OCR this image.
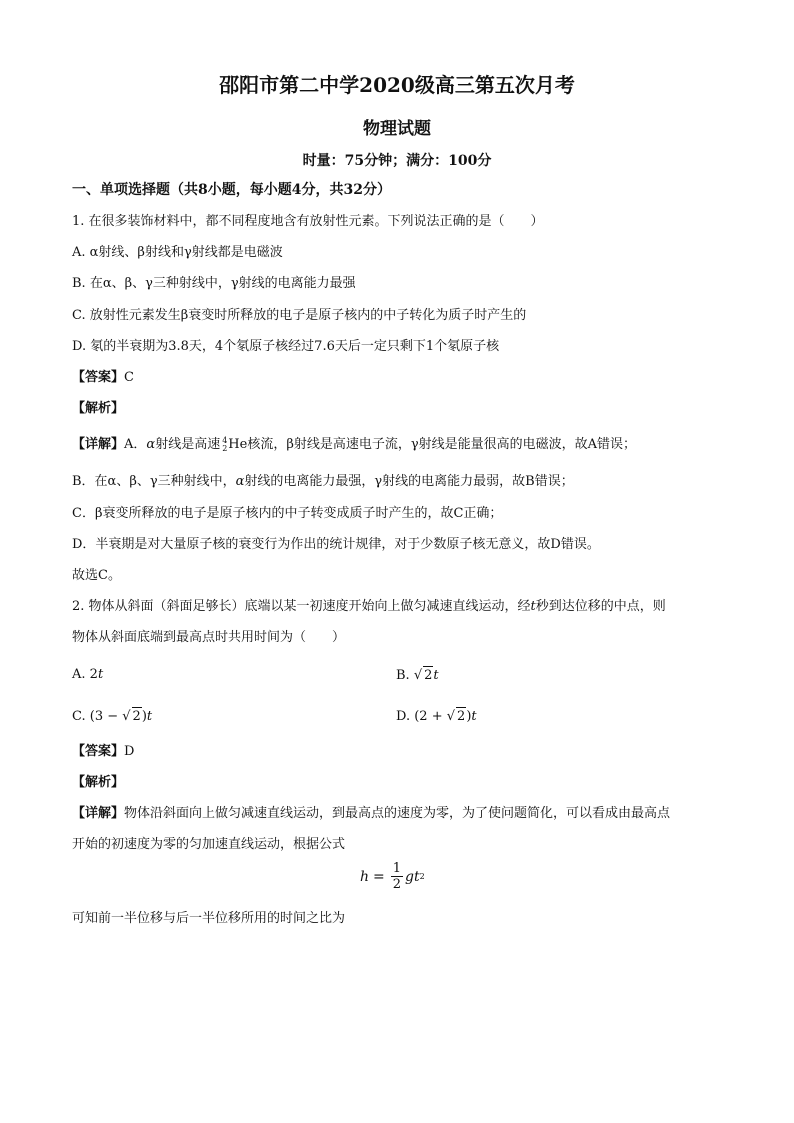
邵阳市第二中学2020级高三第五次月考
物理试题
时量：75分钟；满分：100分
一、单项选择题（共8小题，每小题4分，共32分）
1. 在很多装饰材料中，都不同程度地含有放射性元素。下列说法正确的是（　　）
A. α射线、β射线和γ射线都是电磁波
B. 在α、β、γ三种射线中，γ射线的电离能力最强
C. 放射性元素发生β衰变时所释放的电子是原子核内的中子转化为质子时产生的
D. 氡的半衰期为3.8天，4个氡原子核经过7.6天后一定只剩下1个氡原子核
【答案】C
【解析】
【详解】A．α射线是高速 4
2 He核流，β射线是高速电子流，γ射线是能量很高的电磁波，故A错误；
B．在α、β、γ三种射线中，α射线的电离能力最强，γ射线的电离能力最弱，故B错误；
C．β衰变所释放的电子是原子核内的中子转变成质子时产生的，故C正确；
D．半衰期是对大量原子核的衰变行为作出的统计规律，对于少数原子核无意义，故D错误。
故选C。
2. 物体从斜面（斜面足够长）底端以某一初速度开始向上做匀减速直线运动，经t秒到达位移的中点，则
物体从斜面底端到最高点时共用时间为（　　）
A. 2t	B. √ 2t
C. (3 − √ 2)t	D. (2 + √ 2)t
【答案】D
【解析】
【详解】物体沿斜面向上做匀减速直线运动，到最高点的速度为零，为了使问题简化，可以看成由最高点
开始的初速度为零的匀加速直线运动，根据公式
$h = \frac{1}{2}$ gt 2
可知前一半位移与后一半位移所用的时间之比为
